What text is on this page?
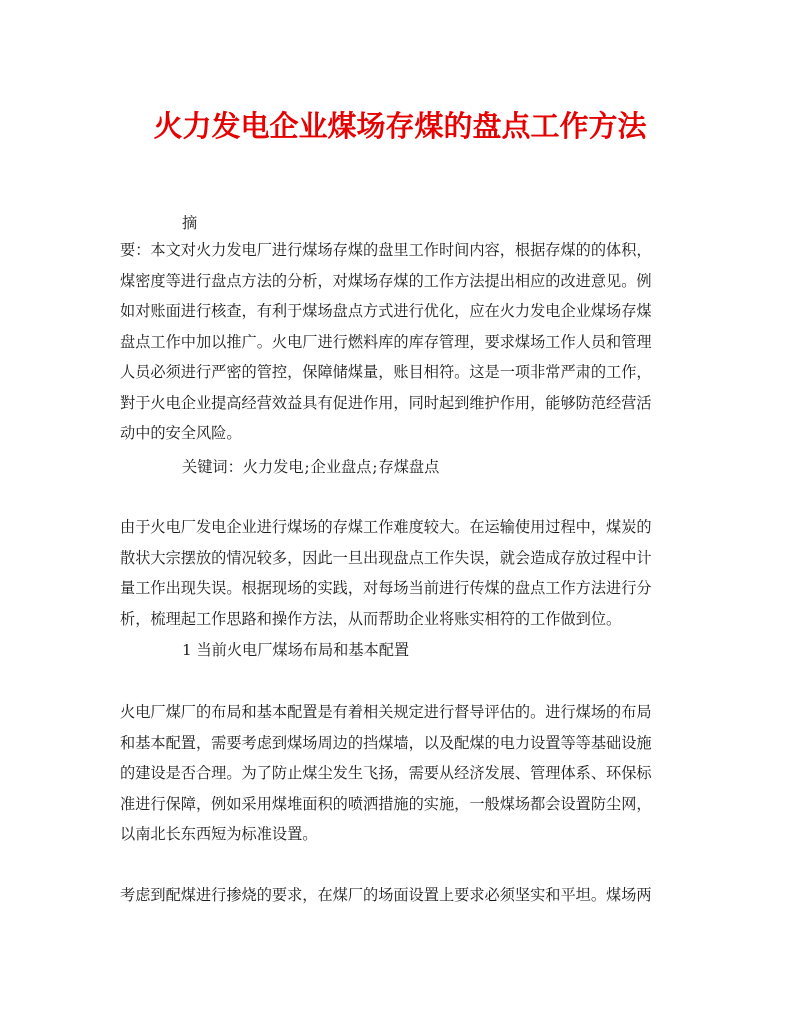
火力发电企业煤场存煤的盘点工作方法
摘
要：本文对火力发电厂进行煤场存煤的盘里工作时间内容，根据存煤的的体积，
煤密度等进行盘点方法的分析，对煤场存煤的工作方法提出相应的改进意见。例
如对账面进行核查，有利于煤场盘点方式进行优化，应在火力发电企业煤场存煤
盘点工作中加以推广。火电厂进行燃料库的库存管理，要求煤场工作人员和管理
人员必须进行严密的管控，保障储煤量，账目相符。这是一项非常严肃的工作，
對于火电企业提高经营效益具有促进作用，同时起到维护作用，能够防范经营活
动中的安全风险。
关键词：火力发电;企业盘点;存煤盘点
由于火电厂发电企业进行煤场的存煤工作难度较大。在运输使用过程中，煤炭的
散状大宗摆放的情况较多，因此一旦出现盘点工作失误，就会造成存放过程中计
量工作出现失误。根据现场的实践，对每场当前进行传煤的盘点工作方法进行分
析，梳理起工作思路和操作方法，从而帮助企业将账实相符的工作做到位。
1 当前火电厂煤场布局和基本配置
火电厂煤厂的布局和基本配置是有着相关规定进行督导评估的。进行煤场的布局
和基本配置，需要考虑到煤场周边的挡煤墙，以及配煤的电力设置等等基础设施
的建设是否合理。为了防止煤尘发生飞扬，需要从经济发展、管理体系、环保标
准进行保障，例如采用煤堆面积的喷洒措施的实施，一般煤场都会设置防尘网，
以南北长东西短为标准设置。
考虑到配煤进行掺烧的要求，在煤厂的场面设置上要求必须坚实和平坦。煤场两
